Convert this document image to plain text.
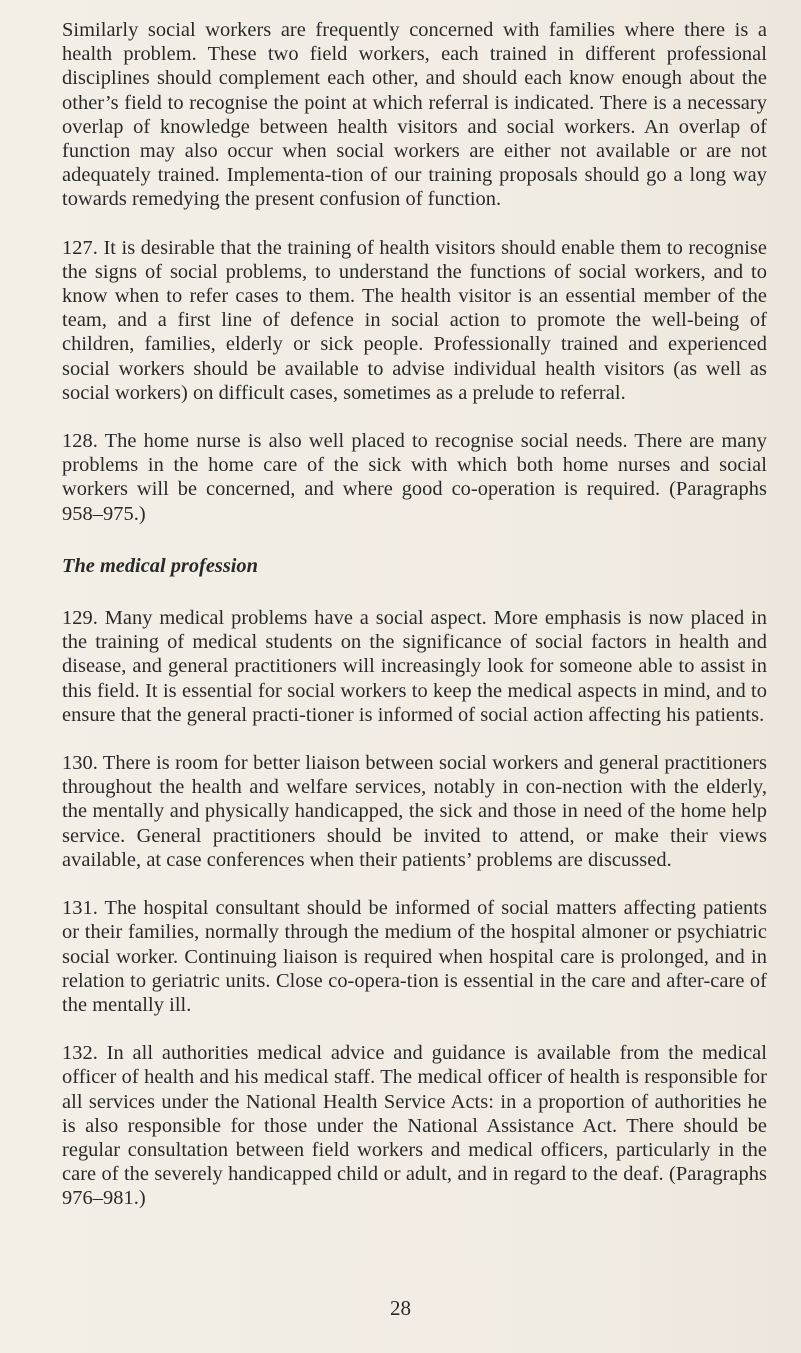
Similarly social workers are frequently concerned with families where there is a health problem. These two field workers, each trained in different professional disciplines should complement each other, and should each know enough about the other’s field to recognise the point at which referral is indicated. There is a necessary overlap of knowledge between health visitors and social workers. An overlap of function may also occur when social workers are either not available or are not adequately trained. Implementa-tion of our training proposals should go a long way towards remedying the present confusion of function.

127. It is desirable that the training of health visitors should enable them to recognise the signs of social problems, to understand the functions of social workers, and to know when to refer cases to them. The health visitor is an essential member of the team, and a first line of defence in social action to promote the well-being of children, families, elderly or sick people. Professionally trained and experienced social workers should be available to advise individual health visitors (as well as social workers) on difficult cases, sometimes as a prelude to referral.

128. The home nurse is also well placed to recognise social needs. There are many problems in the home care of the sick with which both home nurses and social workers will be concerned, and where good co-operation is required. (Paragraphs 958–975.)

The medical profession

129. Many medical problems have a social aspect. More emphasis is now placed in the training of medical students on the significance of social factors in health and disease, and general practitioners will increasingly look for someone able to assist in this field. It is essential for social workers to keep the medical aspects in mind, and to ensure that the general practi-tioner is informed of social action affecting his patients.

130. There is room for better liaison between social workers and general practitioners throughout the health and welfare services, notably in con-nection with the elderly, the mentally and physically handicapped, the sick and those in need of the home help service. General practitioners should be invited to attend, or make their views available, at case conferences when their patients’ problems are discussed.

131. The hospital consultant should be informed of social matters affecting patients or their families, normally through the medium of the hospital almoner or psychiatric social worker. Continuing liaison is required when hospital care is prolonged, and in relation to geriatric units. Close co-opera-tion is essential in the care and after-care of the mentally ill.

132. In all authorities medical advice and guidance is available from the medical officer of health and his medical staff. The medical officer of health is responsible for all services under the National Health Service Acts: in a proportion of authorities he is also responsible for those under the National Assistance Act. There should be regular consultation between field workers and medical officers, particularly in the care of the severely handicapped child or adult, and in regard to the deaf. (Paragraphs 976–981.)

28
